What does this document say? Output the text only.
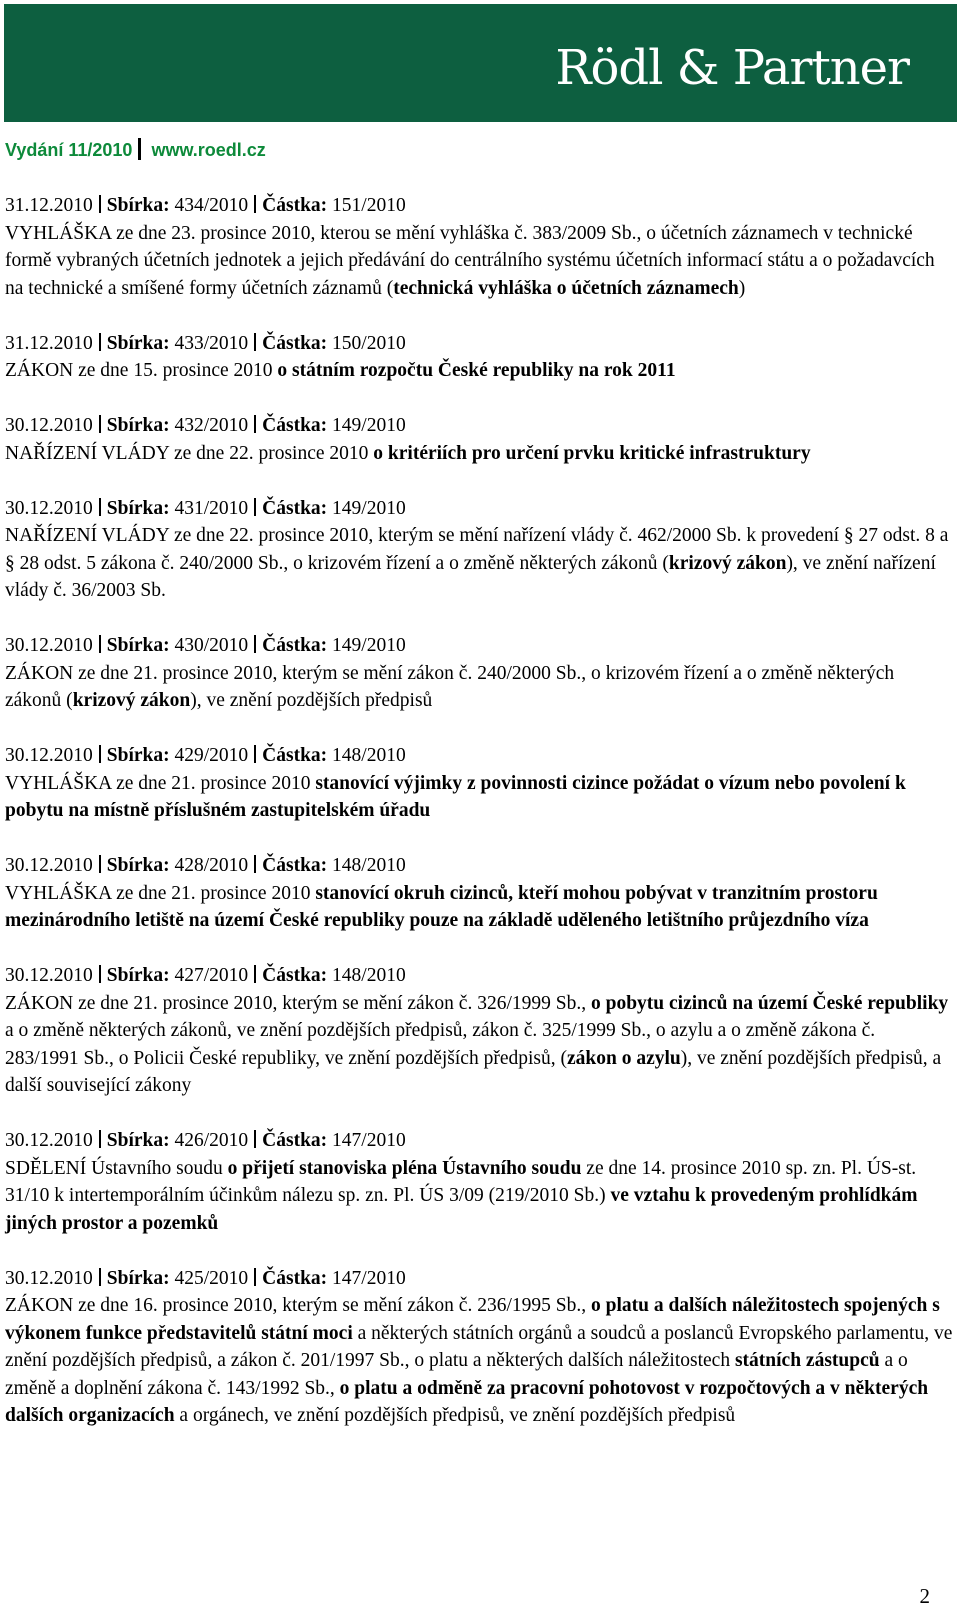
Rödl & Partner
Vydání 11/2010 www.roedl.cz
31.12.2010 Sbírka: 434/2010 Částka: 151/2010
VYHLÁŠKA ze dne 23. prosince 2010, kterou se mění vyhláška č. 383/2009 Sb., o účetních záznamech v technické formě vybraných účetních jednotek a jejich předávání do centrálního systému účetních informací státu a o požadavcích na technické a smíšené formy účetních záznamů (technická vyhláška o účetních záznamech)
31.12.2010 Sbírka: 433/2010 Částka: 150/2010
ZÁKON ze dne 15. prosince 2010 o státním rozpočtu České republiky na rok 2011
30.12.2010 Sbírka: 432/2010 Částka: 149/2010
NAŘÍZENÍ VLÁDY ze dne 22. prosince 2010 o kritériích pro určení prvku kritické infrastruktury
30.12.2010 Sbírka: 431/2010 Částka: 149/2010
NAŘÍZENÍ VLÁDY ze dne 22. prosince 2010, kterým se mění nařízení vlády č. 462/2000 Sb. k provedení § 27 odst. 8 a § 28 odst. 5 zákona č. 240/2000 Sb., o krizovém řízení a o změně některých zákonů (krizový zákon), ve znění nařízení vlády č. 36/2003 Sb.
30.12.2010 Sbírka: 430/2010 Částka: 149/2010
ZÁKON ze dne 21. prosince 2010, kterým se mění zákon č. 240/2000 Sb., o krizovém řízení a o změně některých zákonů (krizový zákon), ve znění pozdějších předpisů
30.12.2010 Sbírka: 429/2010 Částka: 148/2010
VYHLÁŠKA ze dne 21. prosince 2010 stanovící výjimky z povinnosti cizince požádat o vízum nebo povolení k pobytu na místně příslušném zastupitelském úřadu
30.12.2010 Sbírka: 428/2010 Částka: 148/2010
VYHLÁŠKA ze dne 21. prosince 2010 stanovící okruh cizinců, kteří mohou pobývat v tranzitním prostoru mezinárodního letiště na území České republiky pouze na základě uděleného letištního průjezdního víza
30.12.2010 Sbírka: 427/2010 Částka: 148/2010
ZÁKON ze dne 21. prosince 2010, kterým se mění zákon č. 326/1999 Sb., o pobytu cizinců na území České republiky a o změně některých zákonů, ve znění pozdějších předpisů, zákon č. 325/1999 Sb., o azylu a o změně zákona č. 283/1991 Sb., o Policii České republiky, ve znění pozdějších předpisů, (zákon o azylu), ve znění pozdějších předpisů, a další související zákony
30.12.2010 Sbírka: 426/2010 Částka: 147/2010
SDĚLENÍ Ústavního soudu o přijetí stanoviska pléna Ústavního soudu ze dne 14. prosince 2010 sp. zn. Pl. ÚS-st. 31/10 k intertemporálním účinkům nálezu sp. zn. Pl. ÚS 3/09 (219/2010 Sb.) ve vztahu k provedeným prohlídkám jiných prostor a pozemků
30.12.2010 Sbírka: 425/2010 Částka: 147/2010
ZÁKON ze dne 16. prosince 2010, kterým se mění zákon č. 236/1995 Sb., o platu a dalších náležitostech spojených s výkonem funkce představitelů státní moci a některých státních orgánů a soudců a poslanců Evropského parlamentu, ve znění pozdějších předpisů, a zákon č. 201/1997 Sb., o platu a některých dalších náležitostech státních zástupců a o změně a doplnění zákona č. 143/1992 Sb., o platu a odměně za pracovní pohotovost v rozpočtových a v některých dalších organizacích a orgánech, ve znění pozdějších předpisů, ve znění pozdějších předpisů
2
